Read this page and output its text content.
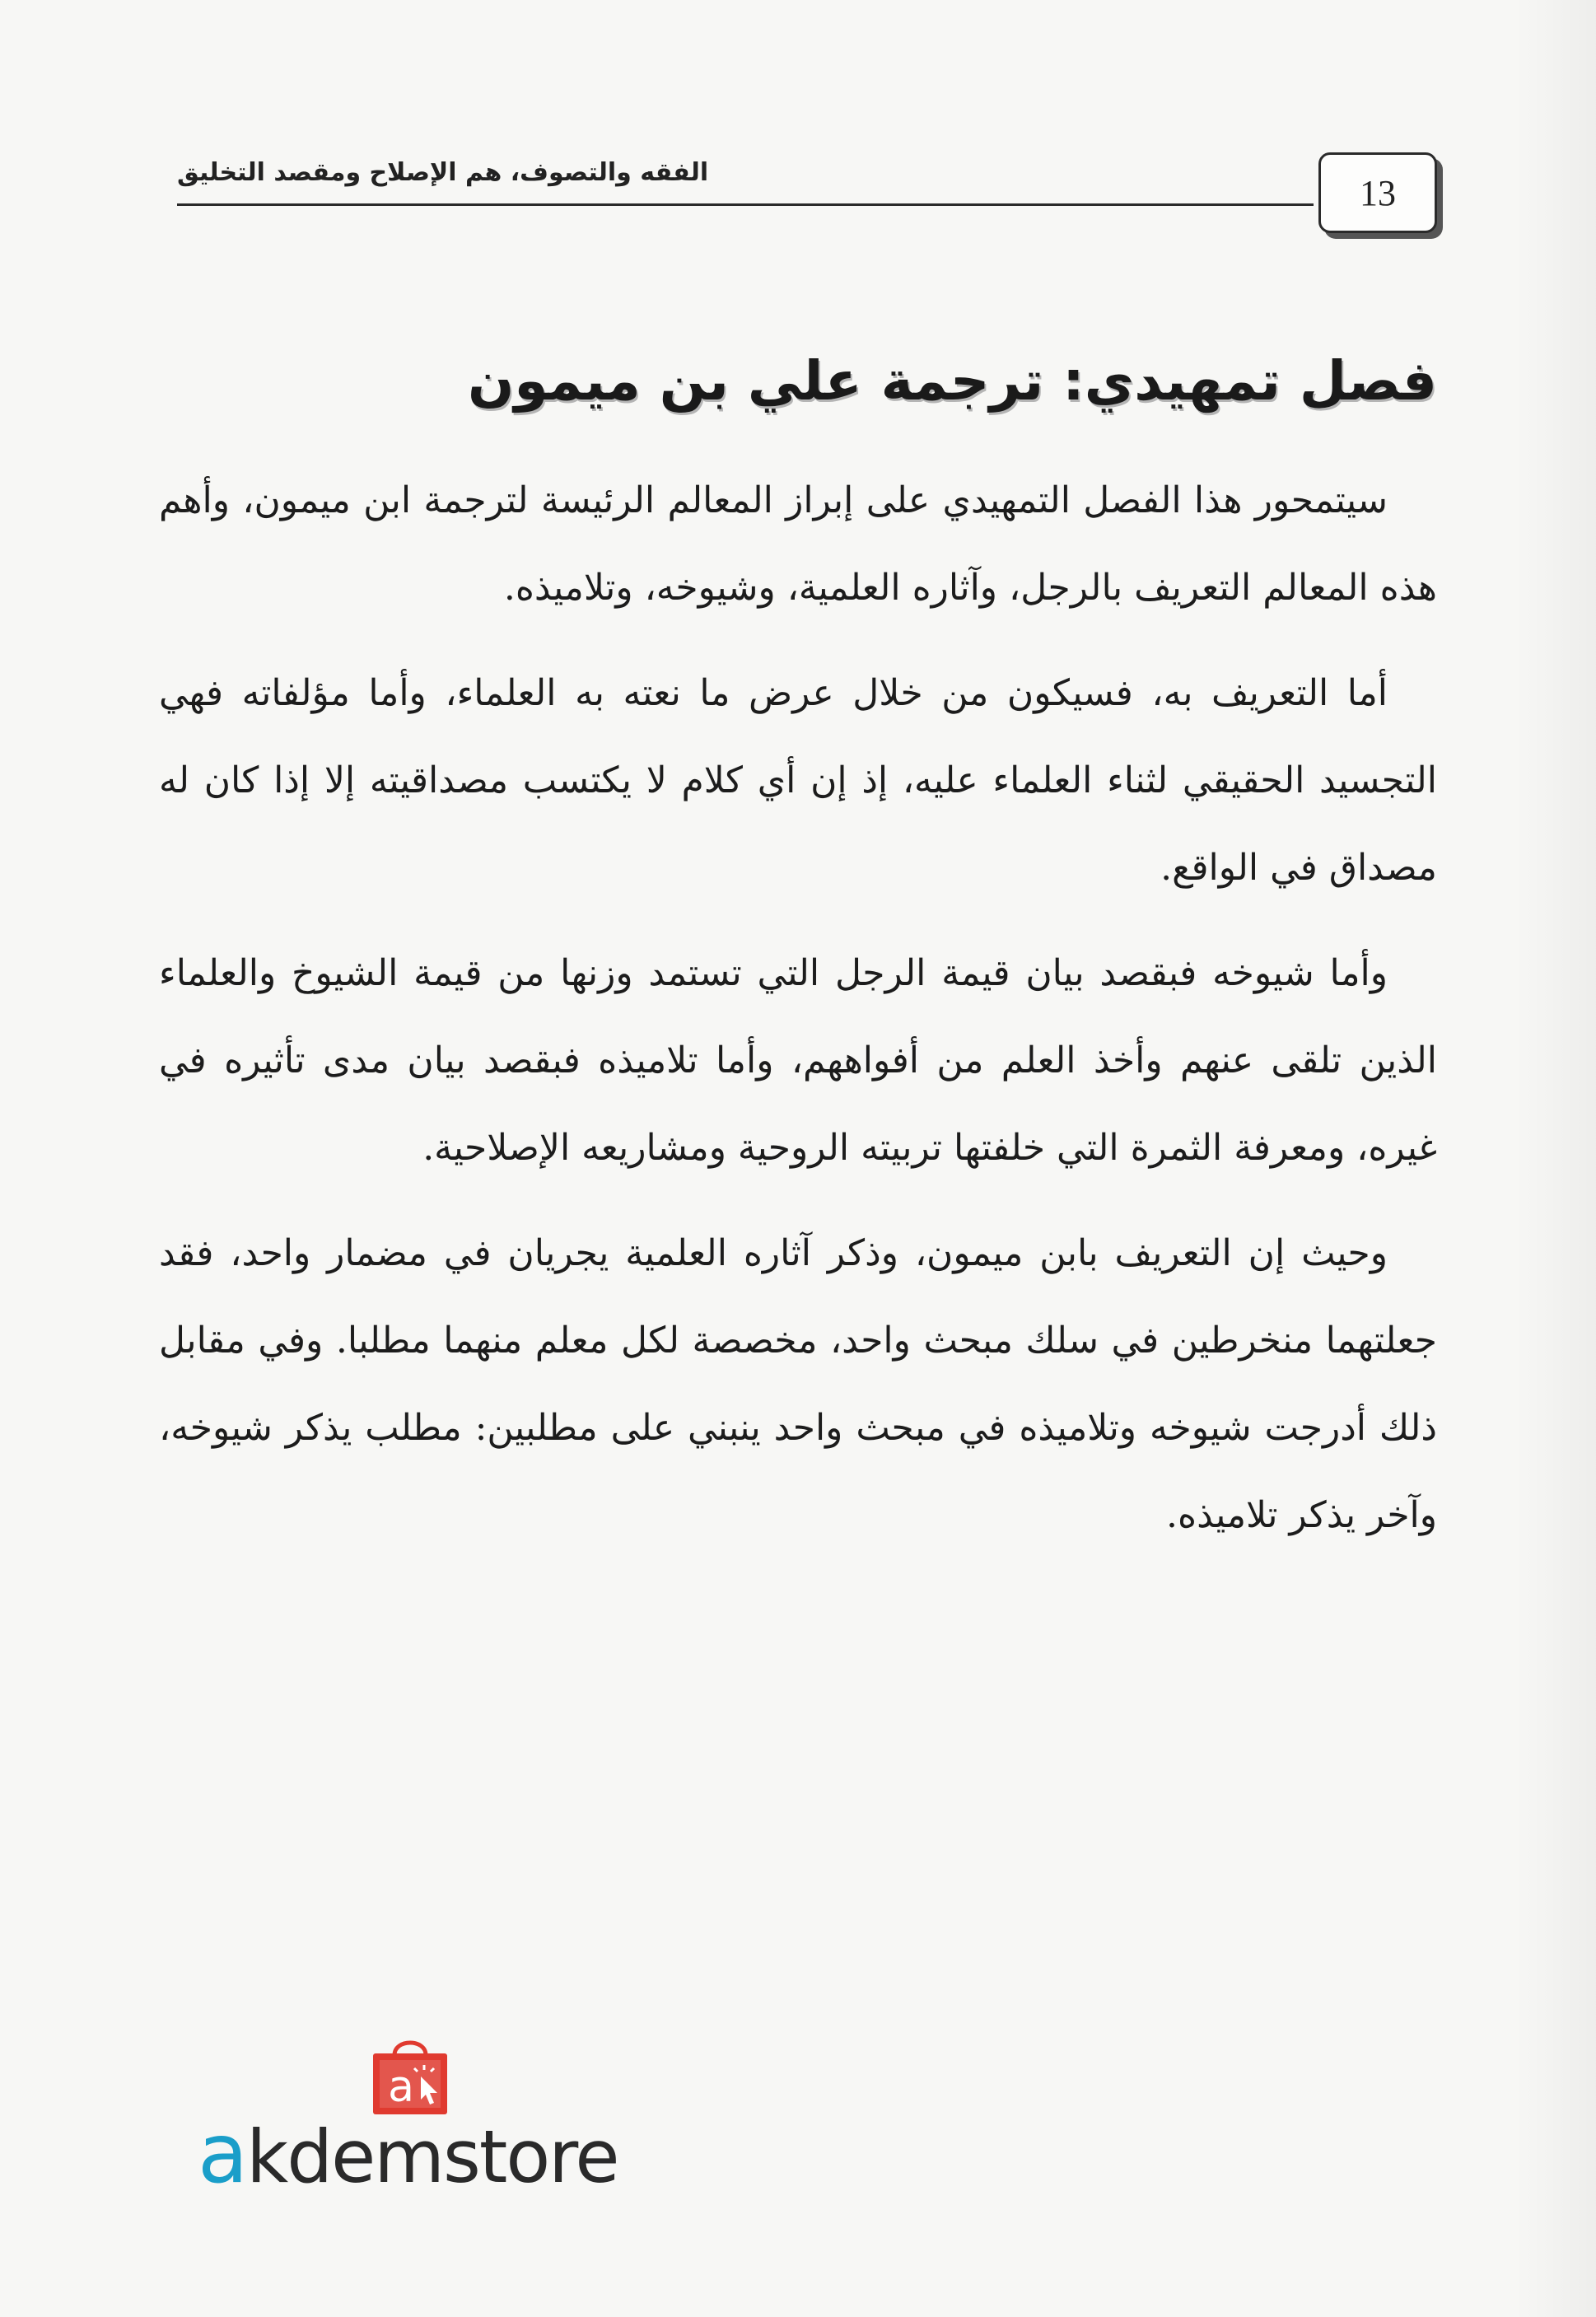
الفقه والتصوف، هم الإصلاح ومقصد التخليق	13
فصل تمهيدي: ترجمة علي بن ميمون

سيتمحور هذا الفصل التمهيدي على إبراز المعالم الرئيسة لترجمة ابن ميمون، وأهم هذه المعالم التعريف بالرجل، وآثاره العلمية، وشيوخه، وتلاميذه.

أما التعريف به، فسيكون من خلال عرض ما نعته به العلماء، وأما مؤلفاته فهي التجسيد الحقيقي لثناء العلماء عليه، إذ إن أي كلام لا يكتسب مصداقيته إلا إذا كان له مصداق في الواقع.

وأما شيوخه فبقصد بيان قيمة الرجل التي تستمد وزنها من قيمة الشيوخ والعلماء الذين تلقى عنهم وأخذ العلم من أفواههم، وأما تلاميذه فبقصد بيان مدى تأثيره في غيره، ومعرفة الثمرة التي خلفتها تربيته الروحية ومشاريعه الإصلاحية.

وحيث إن التعريف بابن ميمون، وذكر آثاره العلمية يجريان في مضمار واحد، فقد جعلتهما منخرطين في سلك مبحث واحد، مخصصة لكل معلم منهما مطلبا. وفي مقابل ذلك أدرجت شيوخه وتلاميذه في مبحث واحد ينبني على مطلبين: مطلب يذكر شيوخه، وآخر يذكر تلاميذه.

a
akdemstore
